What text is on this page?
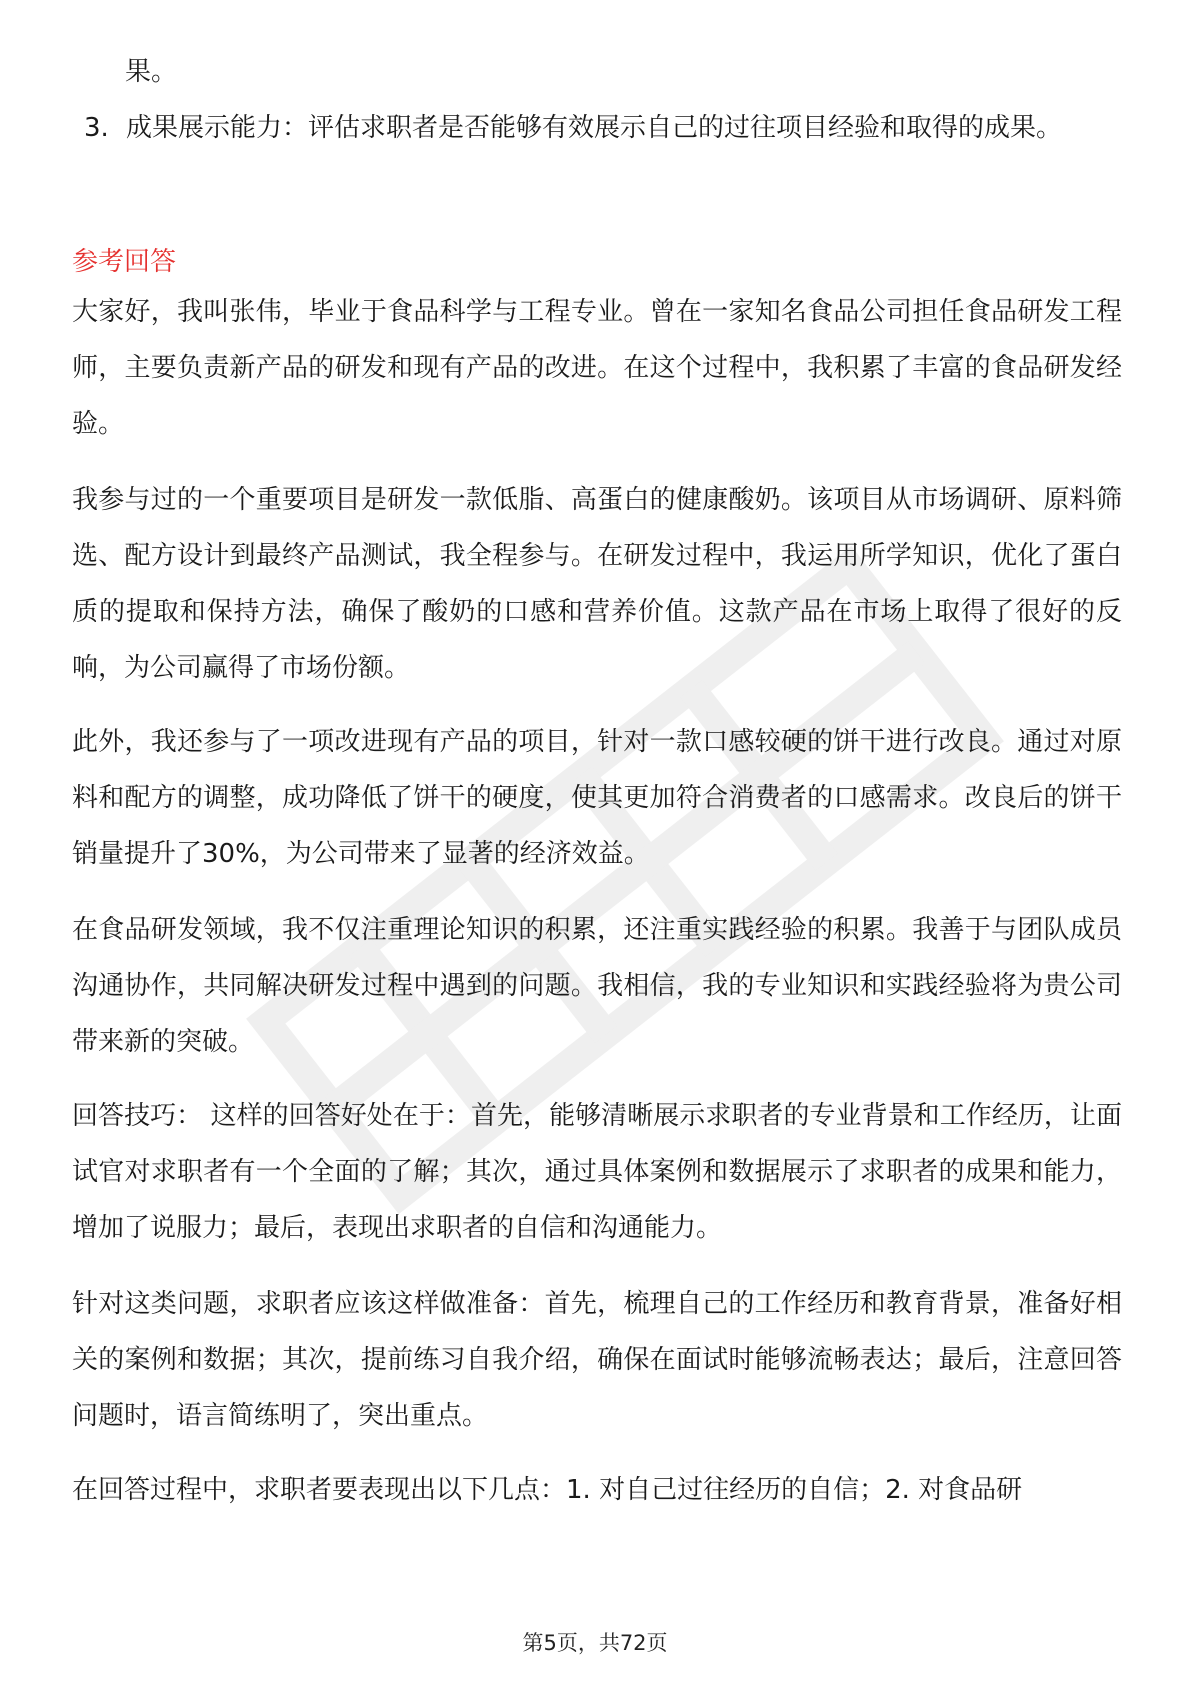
果。

3. 成果展示能力：评估求职者是否能够有效展示自己的过往项目经验和取得的成果。

参考回答

大家好，我叫张伟，毕业于食品科学与工程专业。曾在一家知名食品公司担任食品研发工程师，主要负责新产品的研发和现有产品的改进。在这个过程中，我积累了丰富的食品研发经验。

我参与过的一个重要项目是研发一款低脂、高蛋白的健康酸奶。该项目从市场调研、原料筛选、配方设计到最终产品测试，我全程参与。在研发过程中，我运用所学知识，优化了蛋白质的提取和保持方法，确保了酸奶的口感和营养价值。这款产品在市场上取得了很好的反响，为公司赢得了市场份额。

此外，我还参与了一项改进现有产品的项目，针对一款口感较硬的饼干进行改良。通过对原料和配方的调整，成功降低了饼干的硬度，使其更加符合消费者的口感需求。改良后的饼干销量提升了30%，为公司带来了显著的经济效益。

在食品研发领域，我不仅注重理论知识的积累，还注重实践经验的积累。我善于与团队成员沟通协作，共同解决研发过程中遇到的问题。我相信，我的专业知识和实践经验将为贵公司带来新的突破。

回答技巧： 这样的回答好处在于：首先，能够清晰展示求职者的专业背景和工作经历，让面试官对求职者有一个全面的了解；其次，通过具体案例和数据展示了求职者的成果和能力，增加了说服力；最后，表现出求职者的自信和沟通能力。

针对这类问题，求职者应该这样做准备：首先，梳理自己的工作经历和教育背景，准备好相关的案例和数据；其次，提前练习自我介绍，确保在面试时能够流畅表达；最后，注意回答问题时，语言简练明了，突出重点。

在回答过程中，求职者要表现出以下几点：1. 对自己过往经历的自信；2. 对食品研

第5页，共72页
